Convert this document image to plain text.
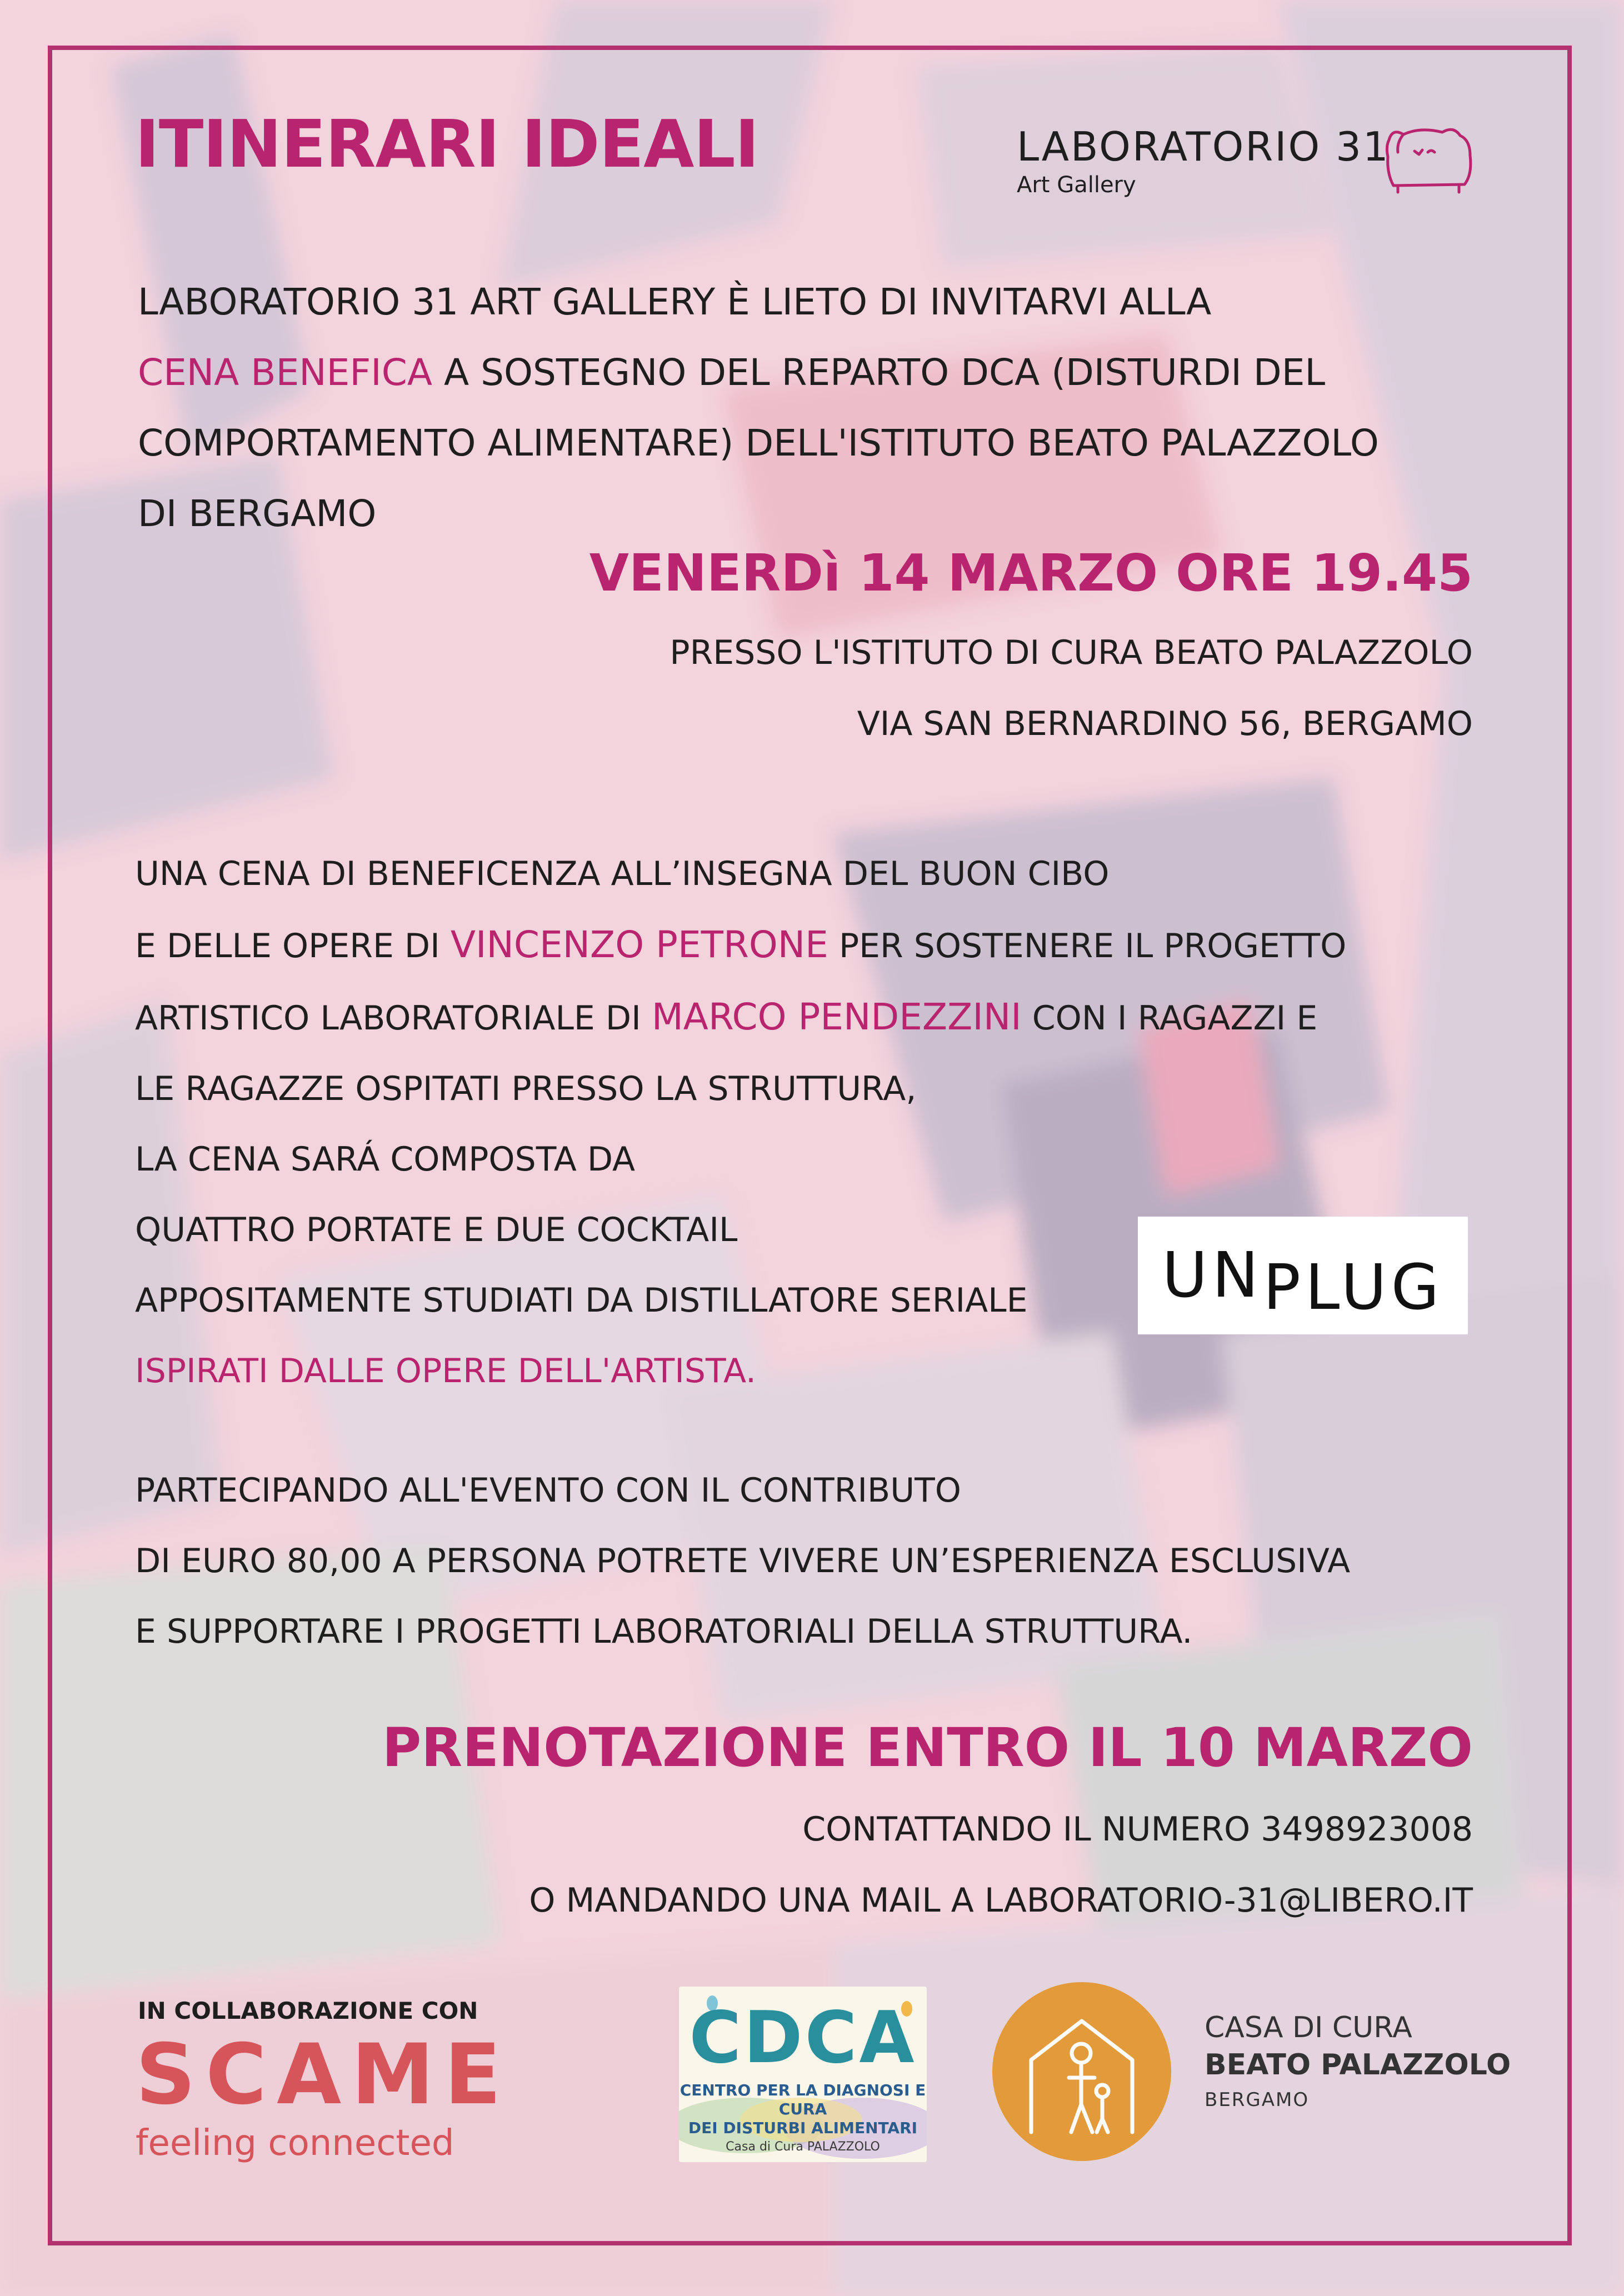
ITINERARI IDEALI	LABORATORIO 31
Art Gallery
LABORATORIO 31 ART GALLERY È LIETO DI INVITARVI ALLA
CENA BENEFICA A SOSTEGNO DEL REPARTO DCA (DISTURDI DEL
COMPORTAMENTO ALIMENTARE) DELL'ISTITUTO BEATO PALAZZOLO
DI BERGAMO
VENERDì 14 MARZO ORE 19.45
PRESSO L'ISTITUTO DI CURA BEATO PALAZZOLO
VIA SAN BERNARDINO 56, BERGAMO
UNA CENA DI BENEFICENZA ALL’INSEGNA DEL BUON CIBO
E DELLE OPERE DI VINCENZO PETRONE PER SOSTENERE IL PROGETTO
ARTISTICO LABORATORIALE DI MARCO PENDEZZINI CON I RAGAZZI E
LE RAGAZZE OSPITATI PRESSO LA STRUTTURA,
LA CENA SARÁ COMPOSTA DA
QUATTRO PORTATE E DUE COCKTAIL
APPOSITAMENTE STUDIATI DA DISTILLATORE SERIALE
ISPIRATI DALLE OPERE DELL'ARTISTA.
UN PLUG
PARTECIPANDO ALL'EVENTO CON IL CONTRIBUTO
DI EURO 80,00 A PERSONA POTRETE VIVERE UN’ESPERIENZA ESCLUSIVA
E SUPPORTARE I PROGETTI LABORATORIALI DELLA STRUTTURA.
PRENOTAZIONE ENTRO IL 10 MARZO
CONTATTANDO IL NUMERO 3498923008
O MANDANDO UNA MAIL A LABORATORIO-31@LIBERO.IT
IN COLLABORAZIONE CON
SCAME
feeling connected
CDCA
CENTRO PER LA DIAGNOSI E CURA
DEI DISTURBI ALIMENTARI
Casa di Cura PALAZZOLO
CASA DI CURA
BEATO PALAZZOLO
BERGAMO
